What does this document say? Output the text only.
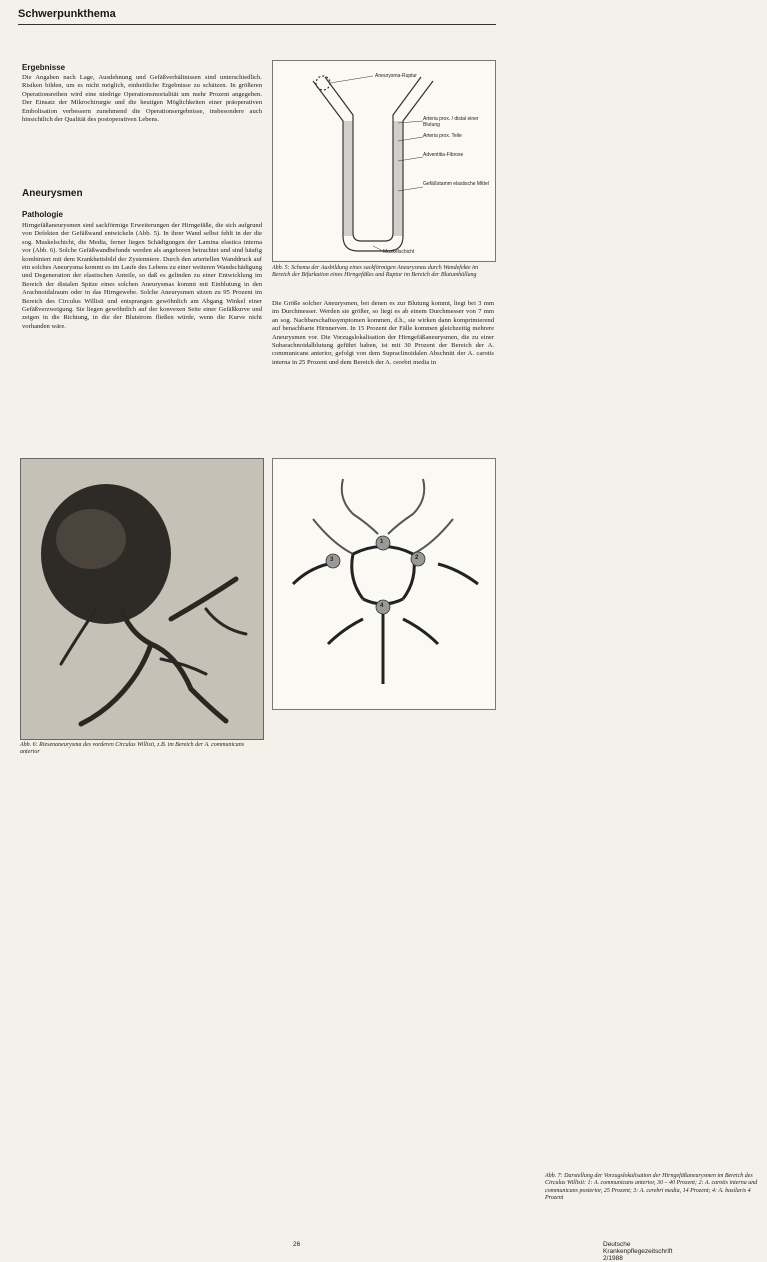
Schwerpunkthema
Ergebnisse
Die Angaben nach Lage, Ausdehnung und Gefäßverhältnissen sind unterschiedlich. Risiken bilden, um es nicht möglich, einheitliche Ergebnisse zu schätzen. In größeren Operationsreihen wird eine niedrige Operationsmortalität um mehr Prozent angegeben. Der Einsatz der Mikrochirurgie und die heutigen Möglichkeiten einer präoperativen Embolisation verbessern zunehmend die Operationsergebnisse, insbesondere auch hinsichtlich der Qualität des postoperativen Lebens.
Aneurysmen
Pathologie
Hirngefäßaneurysmen sind sackförmige Erweiterungen der Hirngefäße, die sich aufgrund von Defekten der Gefäßwand entwickeln (Abb. 5). In ihrer Wand selbst fehlt in der die sog. Muskelschicht, die Media, ferner liegen Schädigungen der Lamina elastica interna vor (Abb. 6). Solche Gefäßwandbefunde werden als angeboren betrachtet und sind häufig kombiniert mit dem Krankheitsbild der Zystenniere. Durch den arteriellen Wanddruck auf ein solches Aneurysma kommt es im Laufe des Lebens zu einer weiteren Wandschädigung und Degeneration der elastischen Anteile, so daß es gelinden zu einer Entwicklung im Bereich der distalen Spitze eines solchen Aneurysmas kommt mit Einblutung in den Arachnoidalraum oder in das Hirngewebe. Solche Aneurysmen sitzen zu 95 Prozent im Bereich des Circulus Willisii und entsprangen gewöhnlich am Abgang Winkel einer Gefäßverzweigung. Sie liegen gewöhnlich auf der konvexen Seite einer Gefäßkurve und zeigen in die Richtung, in die der Blutstrom fließen würde, wenn die Kurve nicht vorhanden wäre.
Aneurysma-Ruptur
Arteria prox. / distal einer Blutung
Arteria prox. Teile
Adventitia-Fibrose
Gefäßstamm elastische Mittel
Muskelschicht
Abb. 5: Schema der Ausbildung eines sackförmigen Aneurysmas durch Wandefekte im Bereich der Bifurkation eines Hirngefäßes und Ruptur im Bereich der Blutumhüllung
Die Größe solcher Aneurysmen, bei denen es zur Blutung kommt, liegt bei 3 mm im Durchmesser. Werden sie größer, so liegt es ab einem Durchmesser von 7 mm an sog. Nachbarschaftssymptomen kommen, d.h., sie wirken dann komprimierend auf benachbarte Hirnnerven. In 15 Prozent der Fälle kommen gleichzeitig mehrere Aneurysmen vor. Die Vorzugslokalisation der Hirngefäßaneurysmen, die zu einer Subarachnoidalblutung geführt haben, ist mit 30 Prozent der Bereich der A. communicans anterior, gefolgt von dem Supraclinoidalen Abschnitt der A. carotis interna in 25 Prozent und dem Bereich der A. cerebri media in
Abb. 6: Riesenaneurysma des vorderen Circulus Willisii, z.B. im Bereich der A. communicans anterior
1
2
3
4
Abb. 7: Darstellung der Vorzugslokalisation der Hirngefäßaneurysmen im Bereich des Circulus Willisii: 1: A. communicans anterior, 30 – 40 Prozent; 2: A. carotis interna und communicans posterior, 25 Prozent; 3: A. cerebri media, 14 Prozent; 4: A. basilaris 4 Prozent
26	Deutsche Krankenpflegezeitschrift 2/1988
